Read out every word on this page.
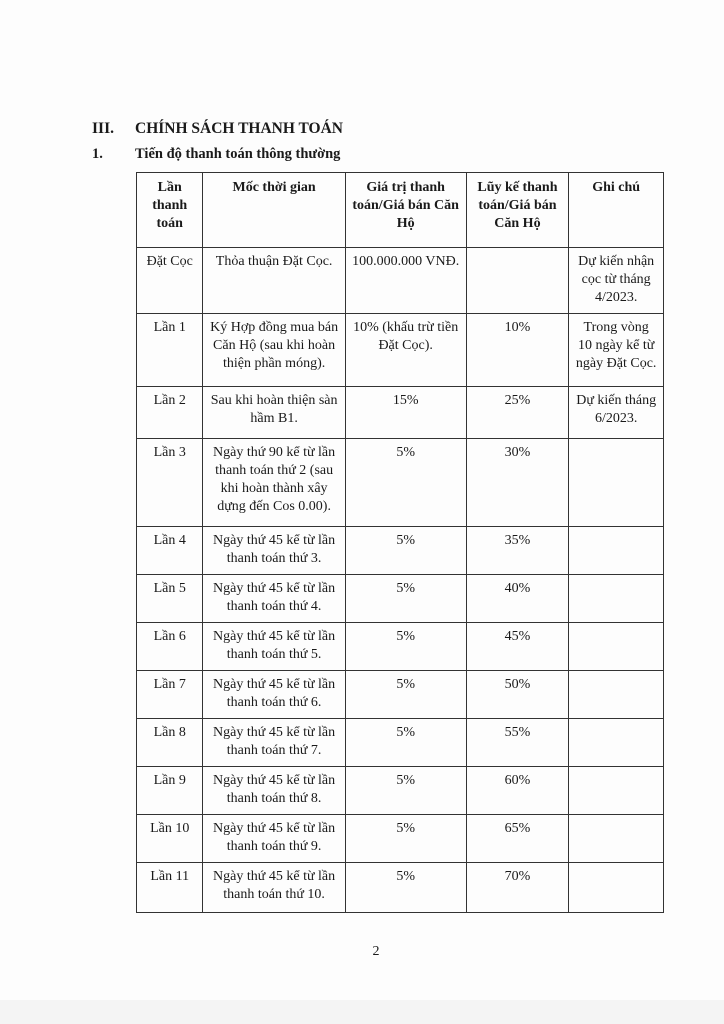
III.	CHÍNH SÁCH THANH TOÁN
1.	Tiến độ thanh toán thông thường
Lần thanh toán	Mốc thời gian	Giá trị thanh toán/Giá bán Căn Hộ	Lũy kế thanh toán/Giá bán Căn Hộ	Ghi chú
Đặt Cọc	Thỏa thuận Đặt Cọc.	100.000.000 VNĐ.		Dự kiến nhận cọc từ tháng 4/2023.
Lần 1	Ký Hợp đồng mua bán Căn Hộ (sau khi hoàn thiện phần móng).	10% (khấu trừ tiền Đặt Cọc).	10%	Trong vòng 10 ngày kể từ ngày Đặt Cọc.
Lần 2	Sau khi hoàn thiện sàn hầm B1.	15%	25%	Dự kiến tháng 6/2023.
Lần 3	Ngày thứ 90 kể từ lần thanh toán thứ 2 (sau khi hoàn thành xây dựng đến Cos 0.00).	5%	30%	
Lần 4	Ngày thứ 45 kể từ lần thanh toán thứ 3.	5%	35%	
Lần 5	Ngày thứ 45 kể từ lần thanh toán thứ 4.	5%	40%	
Lần 6	Ngày thứ 45 kể từ lần thanh toán thứ 5.	5%	45%	
Lần 7	Ngày thứ 45 kể từ lần thanh toán thứ 6.	5%	50%	
Lần 8	Ngày thứ 45 kể từ lần thanh toán thứ 7.	5%	55%	
Lần 9	Ngày thứ 45 kể từ lần thanh toán thứ 8.	5%	60%	
Lần 10	Ngày thứ 45 kể từ lần thanh toán thứ 9.	5%	65%	
Lần 11	Ngày thứ 45 kể từ lần thanh toán thứ 10.	5%	70%	
2
